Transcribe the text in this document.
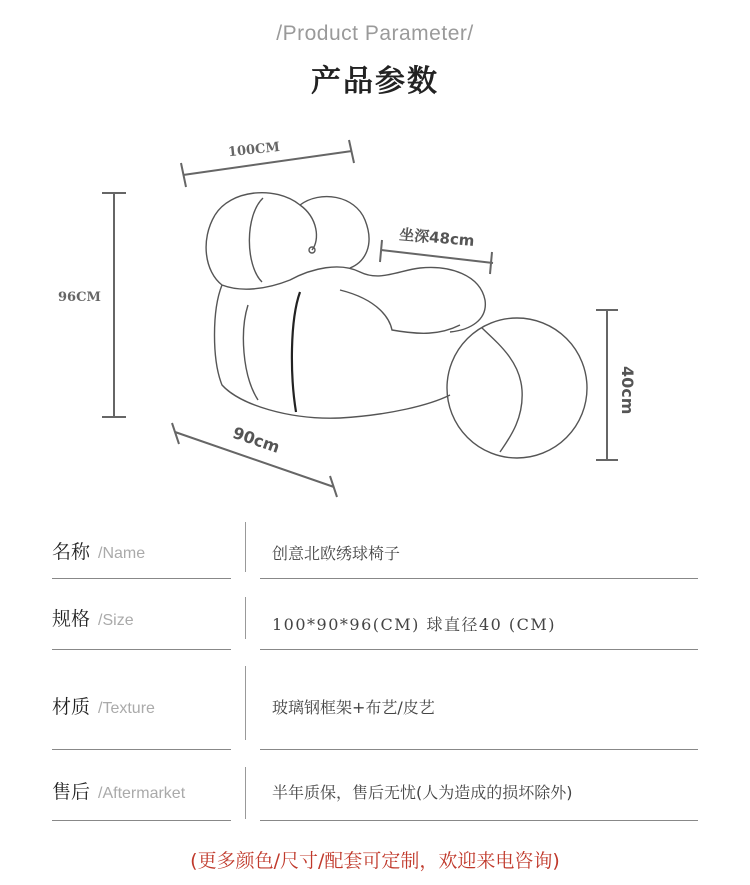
/Product Parameter/
产品参数
100CM
96CM
坐深48cm
90cm
40cm
名称 /Name	创意北欧绣球椅子
规格 /Size	100*90*96(CM) 球直径40 (CM)
材质 /Texture	玻璃钢框架+布艺/皮艺
售后 /Aftermarket	半年质保，售后无忧(人为造成的损坏除外)
(更多颜色/尺寸/配套可定制，欢迎来电咨询)
